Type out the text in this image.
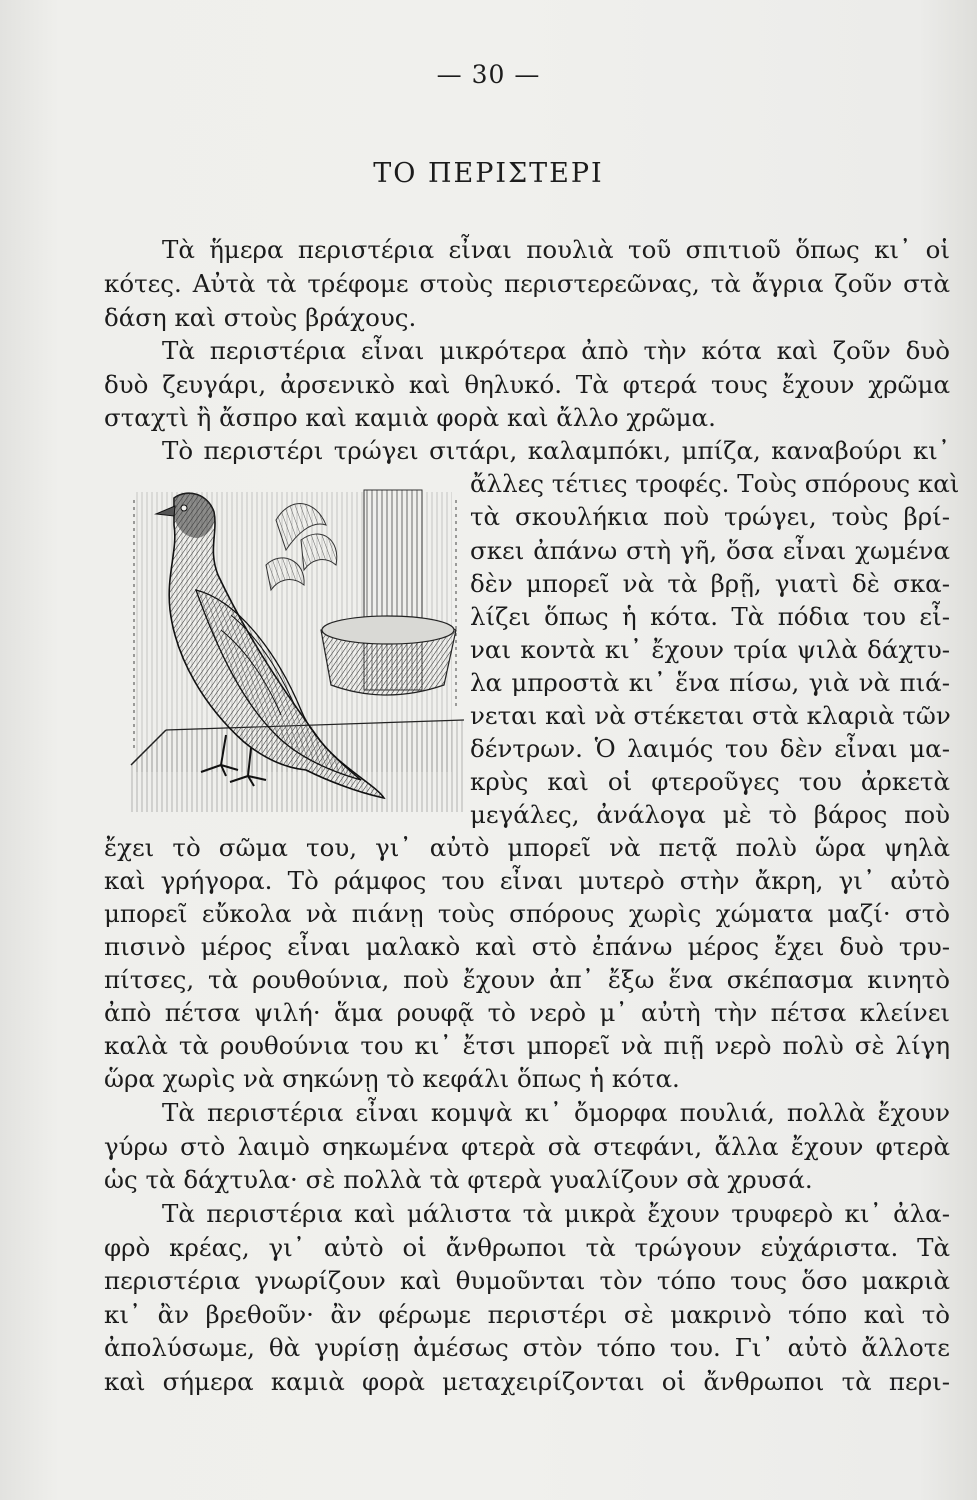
— 30 —
ΤΟ ΠΕΡΙΣΤΕΡΙ
Τὰ ἥμερα περιστέρια εἶναι πουλιὰ τοῦ σπιτιοῦ ὅπως κι᾿ οἱ
κότες. Αὐτὰ τὰ τρέφομε στοὺς περιστερεῶνας, τὰ ἄγρια ζοῦν στὰ
δάση καὶ στοὺς βράχους.
Τὰ περιστέρια εἶναι μικρότερα ἀπὸ τὴν κότα καὶ ζοῦν δυὸ
δυὸ ζευγάρι, ἀρσενικὸ καὶ θηλυκό. Τὰ φτερά τους ἔχουν χρῶμα
σταχτὶ ἢ ἄσπρο καὶ καμιὰ φορὰ καὶ ἄλλο χρῶμα.
Τὸ περιστέρι τρώγει σιτάρι, καλαμπόκι, μπίζα, καναβούρι κι᾿
ἄλλες τέτιες τροφές. Τοὺς σπόρους καὶ
τὰ σκουλήκια ποὺ τρώγει, τοὺς βρί-
σκει ἀπάνω στὴ γῆ, ὅσα εἶναι χωμένα
δὲν μπορεῖ νὰ τὰ βρῇ, γιατὶ δὲ σκα-
λίζει ὅπως ἡ κότα. Τὰ πόδια του εἶ-
ναι κοντὰ κι᾿ ἔχουν τρία ψιλὰ δάχτυ-
λα μπροστὰ κι᾿ ἕνα πίσω, γιὰ νὰ πιά-
νεται καὶ νὰ στέκεται στὰ κλαριὰ τῶν
δέντρων. Ὁ λαιμός του δὲν εἶναι μα-
κρὺς καὶ οἱ φτεροῦγες του ἀρκετὰ
μεγάλες, ἀνάλογα μὲ τὸ βάρος ποὺ
ἔχει τὸ σῶμα του, γι᾿ αὐτὸ μπορεῖ νὰ πετᾷ πολὺ ὥρα ψηλὰ
καὶ γρήγορα. Τὸ ράμφος του εἶναι μυτερὸ στὴν ἄκρη, γι᾿ αὐτὸ
μπορεῖ εὔκολα νὰ πιάνῃ τοὺς σπόρους χωρὶς χώματα μαζί· στὸ
πισινὸ μέρος εἶναι μαλακὸ καὶ στὸ ἐπάνω μέρος ἔχει δυὸ τρυ-
πίτσες, τὰ ρουθούνια, ποὺ ἔχουν ἀπ᾿ ἔξω ἕνα σκέπασμα κινητὸ
ἀπὸ πέτσα ψιλή· ἅμα ρουφᾷ τὸ νερὸ μ᾿ αὐτὴ τὴν πέτσα κλείνει
καλὰ τὰ ρουθούνια του κι᾿ ἔτσι μπορεῖ νὰ πιῇ νερὸ πολὺ σὲ λίγη
ὥρα χωρὶς νὰ σηκώνῃ τὸ κεφάλι ὅπως ἡ κότα.
Τὰ περιστέρια εἶναι κομψὰ κι᾿ ὄμορφα πουλιά, πολλὰ ἔχουν
γύρω στὸ λαιμὸ σηκωμένα φτερὰ σὰ στεφάνι, ἄλλα ἔχουν φτερὰ
ὡς τὰ δάχτυλα· σὲ πολλὰ τὰ φτερὰ γυαλίζουν σὰ χρυσά.
Τὰ περιστέρια καὶ μάλιστα τὰ μικρὰ ἔχουν τρυφερὸ κι᾿ ἀλα-
φρὸ κρέας, γι᾿ αὐτὸ οἱ ἄνθρωποι τὰ τρώγουν εὐχάριστα. Τὰ
περιστέρια γνωρίζουν καὶ θυμοῦνται τὸν τόπο τους ὅσο μακριὰ
κι᾿ ἂν βρεθοῦν· ἂν φέρωμε περιστέρι σὲ μακρινὸ τόπο καὶ τὸ
ἀπολύσωμε, θὰ γυρίσῃ ἀμέσως στὸν τόπο του. Γι᾿ αὐτὸ ἄλλοτε
καὶ σήμερα καμιὰ φορὰ μεταχειρίζονται οἱ ἄνθρωποι τὰ περι-
